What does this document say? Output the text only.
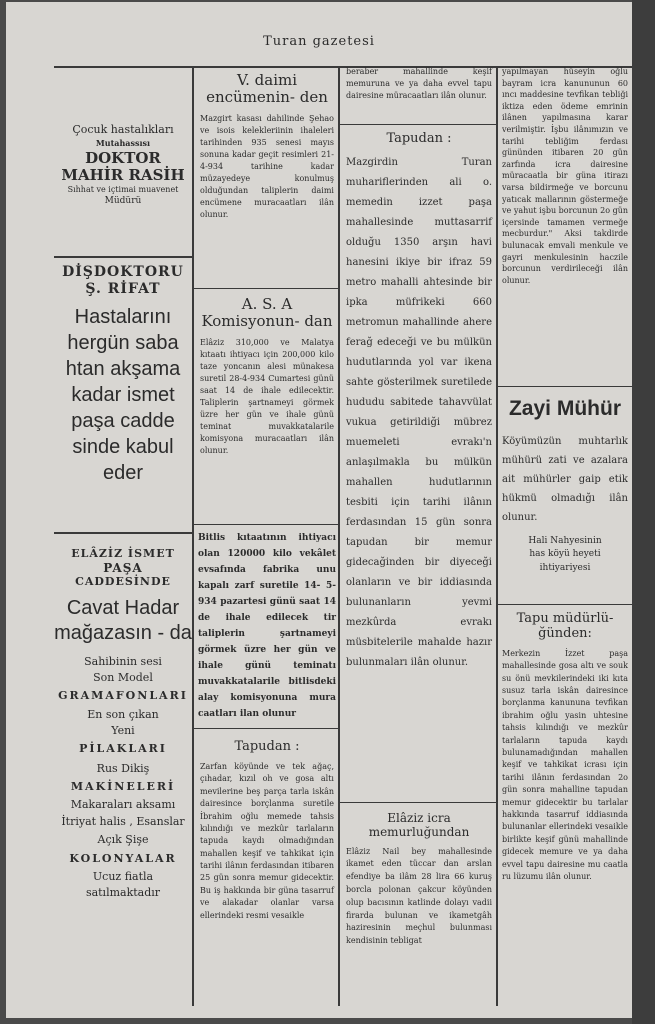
Turan gazetesi

Çocuk hastalıkları

Mutahassısı

DOKTOR

MAHİR RASİH

Sıhhat ve içtimai muavenet

Müdürü

DİŞDOKTORU

Ş. RİFAT

Hastalarını hergün saba htan akşama kadar ismet paşa cadde sinde kabul eder

ELÂZİZ İSMET

PAŞA

CADDESİNDE

Cavat Hadar mağazasın - da

Sahibinin sesi

Son Model

GRAMAFONLARI

En son çıkan

Yeni

PİLAKLARI

Rus Dikiş

MAKİNELERİ

Makaraları aksamı

İtriyat halis , Esanslar

Açık Şişe

KOLONYALAR

Ucuz fiatla

satılmaktadır

V. daimi encümenin- den

Mazgirt kasası dahilinde Şehao ve isois kelekleriinin ihaleleri tarihinden 935 senesi mayıs sonuna kadar geçit resimleri 21-4-934 tarihine kadar müzayedeye konulmuş olduğundan taliplerin daimi encümene muracaatları ilân olunur.

A. S. A Komisyonun- dan

Elâziz 310,000 ve Malatya kıtaatı ihtiyacı için 200,000 kilo taze yoncanın alesi münakesa suretil 28-4-934 Cumartesi günü saat 14 de ihale edilecektir. Taliplerin şartnameyi görmek üzre her gün ve ihale günü teminat muvakkatalarile komisyona muracaatları ilân olunur.

Bitlis kıtaatının ihtiyacı olan 120000 kilo vekâlet evsafında fabrika unu kapalı zarf suretile 14- 5- 934 pazartesi günü saat 14 de ihale edilecek tir taliplerin şartnameyi görmek üzre her gün ve ihale günü teminatı muvakkatalarile bitlisdeki alay komisyonuna mura caatları ilan olunur

Tapudan :

Zarfan köyünde ve tek ağaç, çıhadar, kızıl oh ve gosa altı mevilerine beş parça tarla iskân dairesince borçlanma suretile İbrahim oğlu memede tahsis kılındığı ve mezkûr tarlaların tapuda kaydı olmadığından mahallen keşif ve tahkikat için tarihi ilânın ferdasından itibaren 25 gün sonra memur gidecektir. Bu iş hakkında bir güna tasarruf ve alakadar olanlar varsa ellerindeki resmi vesaikle

beraber mahallinde keşif memuruna ve ya daha evvel tapu dairesine müracaatları ilân olunur.

Tapudan :

Mazgirdin Turan muhariflerinden ali o. memedin izzet paşa mahallesinde muttasarrif olduğu 1350 arşın havi hanesini ikiye bir ifraz 59 metro mahalli ahtesinde bir ipka müfrikeki 660 metromun mahallinde ahere ferağ edeceği ve bu mülkün hudutlarında yol var ikena sahte gösterilmek suretilede hududu sabitede tahavvülat vukua getirildiği mübrez muemeleti evrakı'n anlaşılmakla bu mülkün mahallen hudutlarının tesbiti için tarihi ilânın ferdasından 15 gün sonra tapudan bir memur gidecağinden bir diyeceği olanların ve bir iddiasında bulunanların yevmi mezkûrda evrakı müsbitelerile mahalde hazır bulunmaları ilân olunur.

Elâziz icra memurluğundan

Elâziz Nail bey mahallesinde ikamet eden tüccar dan arslan efendiye ba ilâm 28 lira 66 kuruş borcla polonan çakcur köyünden olup bacısının katlinde dolayı vadii firarda bulunan ve ikametgâh haziresinin meçhul bulunması kendisinin tebligat

yapılmayan hüseyin oğlu bayram icra kanununun 60 ıncı maddesine tevfikan tebliği iktiza eden ödeme emrinin ilânen yapılmasına karar verilmiştir. İşbu ilânımızın ve tarihi tebliğim ferdası gününden itibaren 20 gün zarfında icra dairesine müracaatla bir güna itirazı varsa bildirmeğe ve borcunu yatıcak mallarının göstermeğe ve yahut işbu borcunun 2o gün içersinde tamamen vermeğe mecburdur." Aksi takdirde bulunacak emvali menkule ve gayri menkulesinin haczile borcunun verdirileceği ilân olunur.

Zayi Mühür

Köyümüzün muhtarlık mühürü zati ve azalara ait mühürler gaip etik hükmü olmadığı ilân olunur.

Hali Nahyesinin

has köyü heyeti

ihtiyariyesi

Tapu müdürlü- ğünden:

Merkezin İzzet paşa mahallesinde gosa altı ve souk su önü mevkilerindeki iki kıta susuz tarla iskân dairesince borçlanma kanununa tevfikan ibrahim oğlu yasin uhtesine tahsis kılındığı ve mezkûr tarlaların tapuda kaydı bulunamadığından mahallen keşif ve tahkikat icrası için tarihi ilânın ferdasından 2o gün sonra mahalline tapudan memur gidecektir bu tarlalar hakkında tasarruf iddiasında bulunanlar ellerindeki vesaikle birlikte keşif günü mahallinde gidecek memure ve ya daha evvel tapu dairesine mu caatla ru lüzumu ilân olunur.
